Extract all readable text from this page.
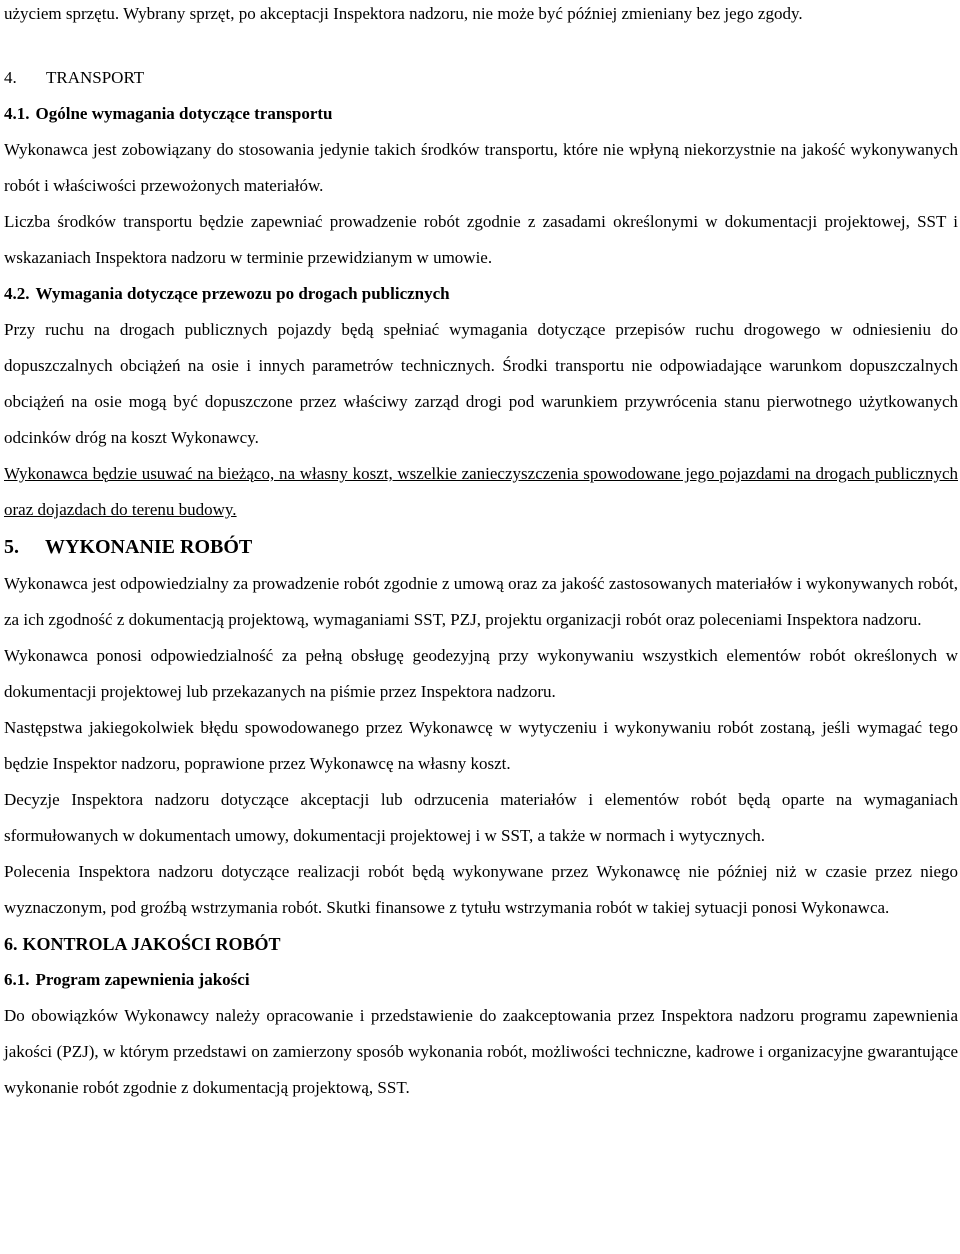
użyciem sprzętu. Wybrany sprzęt, po akceptacji Inspektora nadzoru, nie może być później zmieniany bez jego zgody.

4. TRANSPORT
4.1. Ogólne wymagania dotyczące transportu

Wykonawca jest zobowiązany do stosowania jedynie takich środków transportu, które nie wpłyną niekorzystnie na jakość wykonywanych robót i właściwości przewożonych materiałów.

Liczba środków transportu będzie zapewniać prowadzenie robót zgodnie z zasadami określonymi w dokumentacji projektowej, SST i wskazaniach Inspektora nadzoru w terminie przewidzianym w umowie.

4.2. Wymagania dotyczące przewozu po drogach publicznych

Przy ruchu na drogach publicznych pojazdy będą spełniać wymagania dotyczące przepisów ruchu drogowego w odniesieniu do dopuszczalnych obciążeń na osie i innych parametrów technicznych. Środki transportu nie odpowiadające warunkom dopuszczalnych obciążeń na osie mogą być dopuszczone przez właściwy zarząd drogi pod warunkiem przywrócenia stanu pierwotnego użytkowanych odcinków dróg na koszt Wykonawcy.

Wykonawca będzie usuwać na bieżąco, na własny koszt, wszelkie zanieczyszczenia spowodowane jego pojazdami na drogach publicznych oraz dojazdach do terenu budowy.

5. WYKONANIE ROBÓT

Wykonawca jest odpowiedzialny za prowadzenie robót zgodnie z umową oraz za jakość zastosowanych materiałów i wykonywanych robót, za ich zgodność z dokumentacją projektową, wymaganiami SST, PZJ, projektu organizacji robót oraz poleceniami Inspektora nadzoru.

Wykonawca ponosi odpowiedzialność za pełną obsługę geodezyjną przy wykonywaniu wszystkich elementów robót określonych w dokumentacji projektowej lub przekazanych na piśmie przez Inspektora nadzoru.

Następstwa jakiegokolwiek błędu spowodowanego przez Wykonawcę w wytyczeniu i wykonywaniu robót zostaną, jeśli wymagać tego będzie Inspektor nadzoru, poprawione przez Wykonawcę na własny koszt.

Decyzje Inspektora nadzoru dotyczące akceptacji lub odrzucenia materiałów i elementów robót będą oparte na wymaganiach sformułowanych w dokumentach umowy, dokumentacji projektowej i w SST, a także w normach i wytycznych.

Polecenia Inspektora nadzoru dotyczące realizacji robót będą wykonywane przez Wykonawcę nie później niż w czasie przez niego wyznaczonym, pod groźbą wstrzymania robót. Skutki finansowe z tytułu wstrzymania robót w takiej sytuacji ponosi Wykonawca.

6. KONTROLA JAKOŚCI ROBÓT
6.1. Program zapewnienia jakości

Do obowiązków Wykonawcy należy opracowanie i przedstawienie do zaakceptowania przez Inspektora nadzoru programu zapewnienia jakości (PZJ), w którym przedstawi on zamierzony sposób wykonania robót, możliwości techniczne, kadrowe i organizacyjne gwarantujące wykonanie robót zgodnie z dokumentacją projektową, SST.
